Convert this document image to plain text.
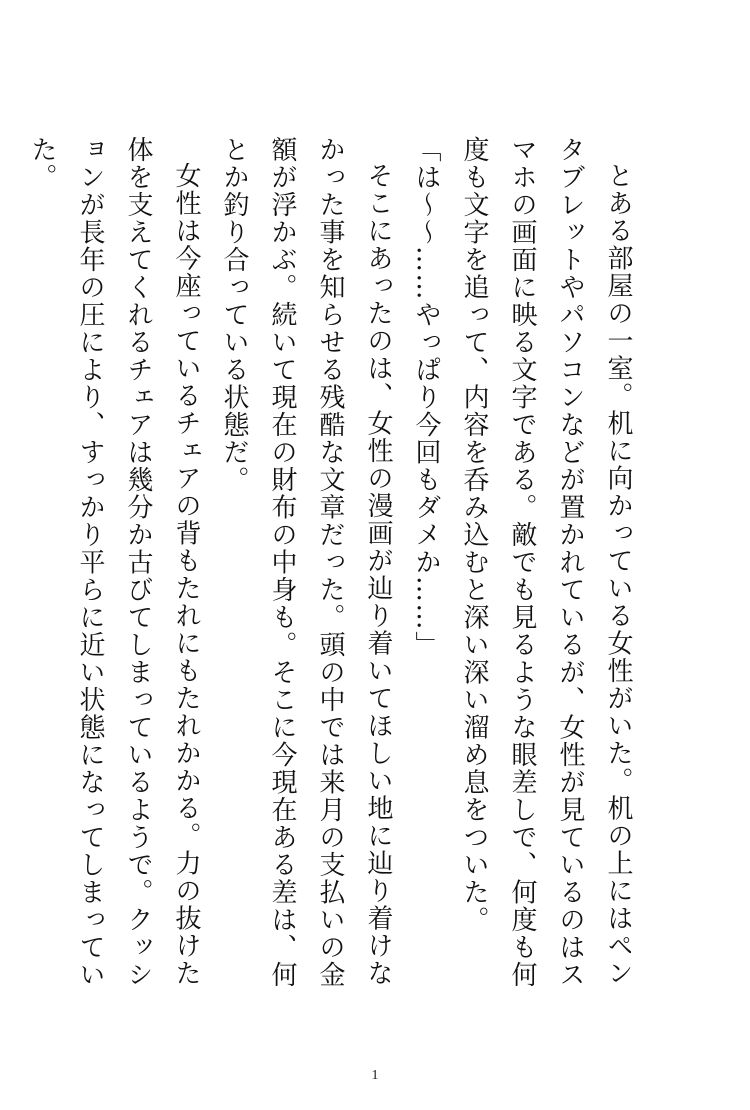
とある部屋の一室。机に向かっている女性がいた。机の上にはペンタブレットやパソコンなどが置かれているが、女性が見ているのはスマホの画面に映る文字である。敵でも見るような眼差しで、何度も何度も文字を追って、内容を呑み込むと深い深い溜め息をついた。

「は〜〜……やっぱり今回もダメか……」

そこにあったのは、女性の漫画が辿り着いてほしい地に辿り着けなかった事を知らせる残酷な文章だった。頭の中では来月の支払いの金額が浮かぶ。続いて現在の財布の中身も。そこに今現在ある差は、何とか釣り合っている状態だ。

女性は今座っているチェアの背もたれにもたれかかる。力の抜けた体を支えてくれるチェアは幾分か古びてしまっているようで。クッションが長年の圧により、すっかり平らに近い状態になってしまっていた。

1
